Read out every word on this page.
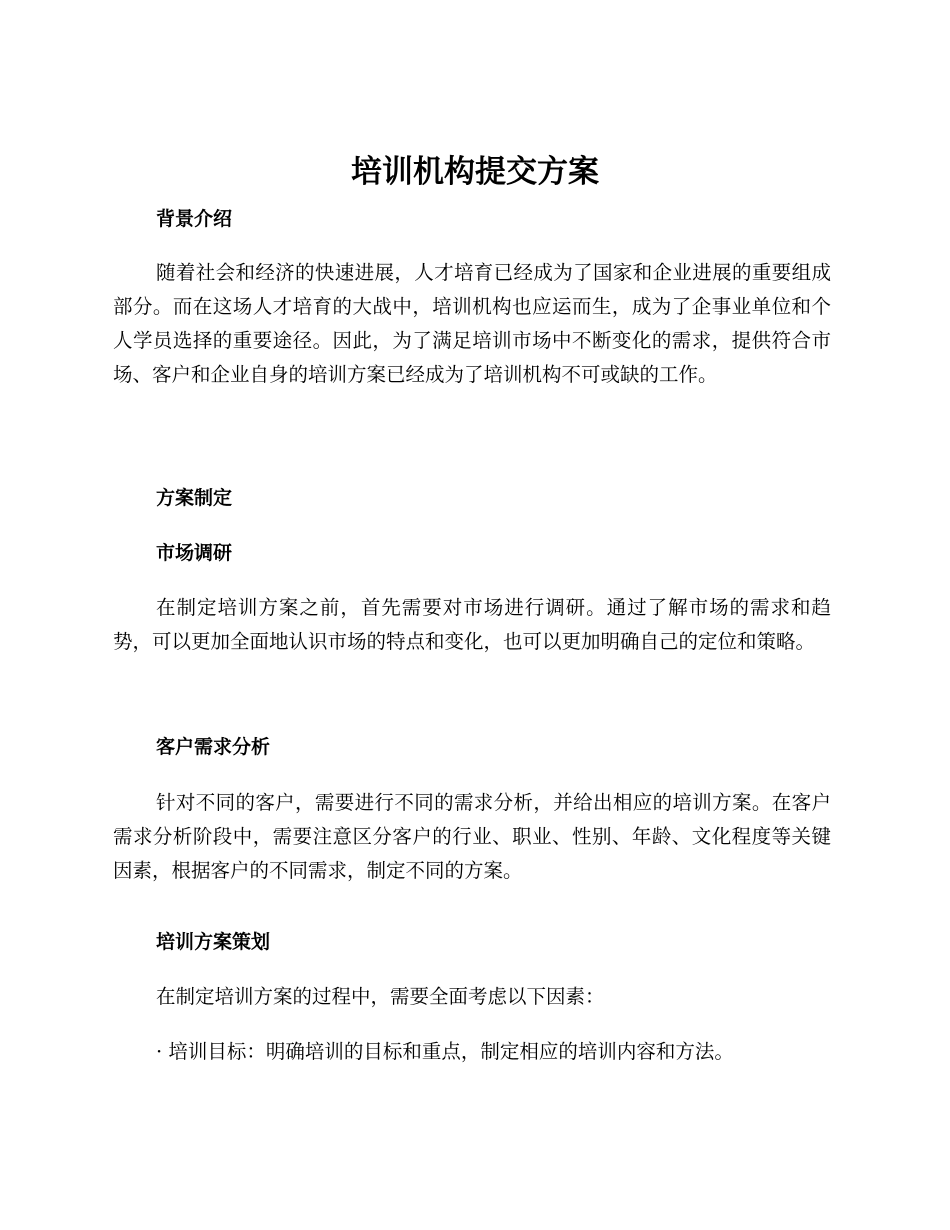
培训机构提交方案
背景介绍

随着社会和经济的快速进展，人才培育已经成为了国家和企业进展的重要组成部分。而在这场人才培育的大战中，培训机构也应运而生，成为了企事业单位和个人学员选择的重要途径。因此，为了满足培训市场中不断变化的需求，提供符合市场、客户和企业自身的培训方案已经成为了培训机构不可或缺的工作。

方案制定
市场调研

在制定培训方案之前，首先需要对市场进行调研。通过了解市场的需求和趋势，可以更加全面地认识市场的特点和变化，也可以更加明确自己的定位和策略。

客户需求分析

针对不同的客户，需要进行不同的需求分析，并给出相应的培训方案。在客户需求分析阶段中，需要注意区分客户的行业、职业、性别、年龄、文化程度等关键因素，根据客户的不同需求，制定不同的方案。

培训方案策划

在制定培训方案的过程中，需要全面考虑以下因素：

· 培训目标：明确培训的目标和重点，制定相应的培训内容和方法。
